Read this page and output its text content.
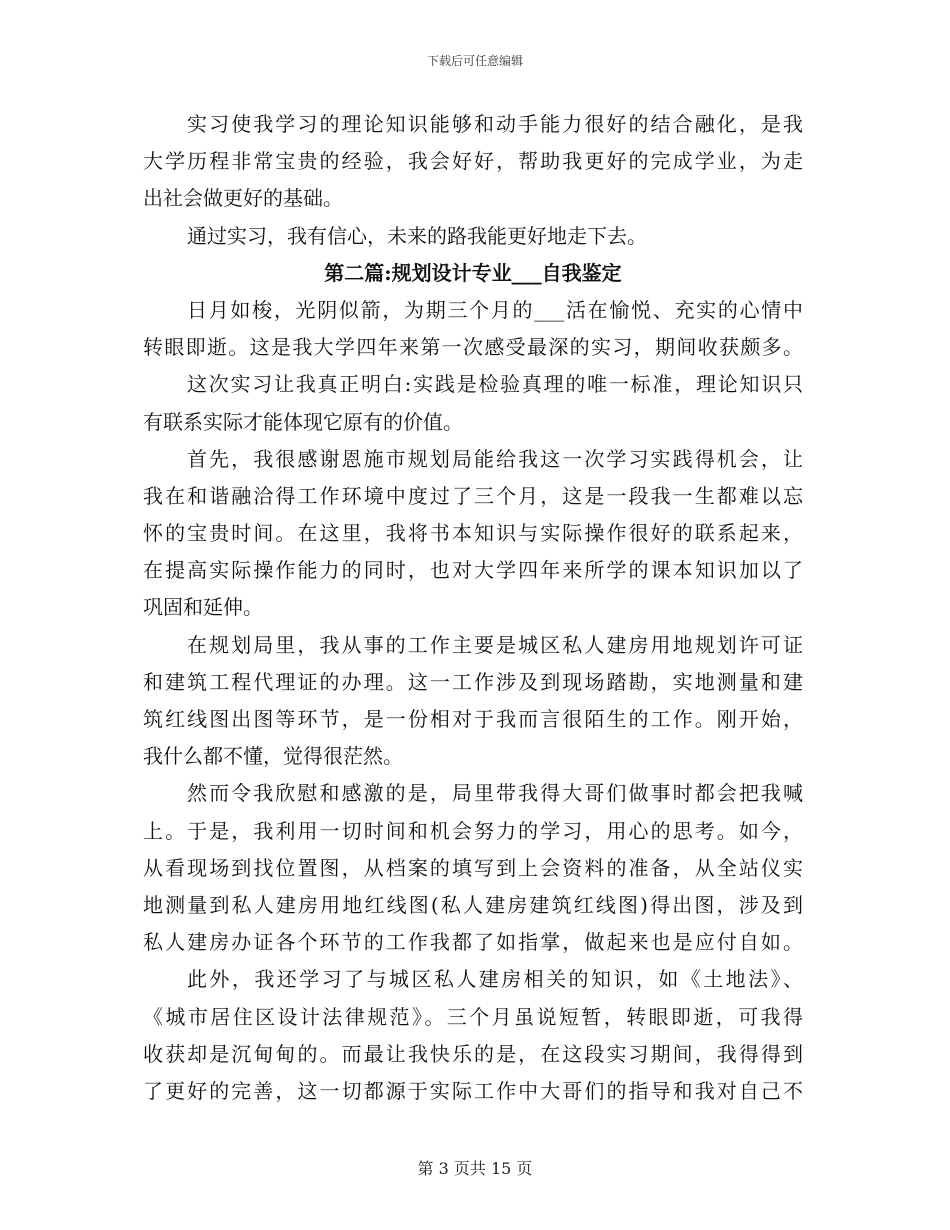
下载后可任意编辑
实习使我学习的理论知识能够和动手能力很好的结合融化，是我
大学历程非常宝贵的经验，我会好好，帮助我更好的完成学业，为走
出社会做更好的基础。
通过实习，我有信心，未来的路我能更好地走下去。
第二篇:规划设计专业___自我鉴定
日月如梭，光阴似箭，为期三个月的___活在愉悦、充实的心情中
转眼即逝。这是我大学四年来第一次感受最深的实习，期间收获颇多。
这次实习让我真正明白:实践是检验真理的唯一标准，理论知识只
有联系实际才能体现它原有的价值。
首先，我很感谢恩施市规划局能给我这一次学习实践得机会，让
我在和谐融洽得工作环境中度过了三个月，这是一段我一生都难以忘
怀的宝贵时间。在这里，我将书本知识与实际操作很好的联系起来，
在提高实际操作能力的同时，也对大学四年来所学的课本知识加以了
巩固和延伸。
在规划局里，我从事的工作主要是城区私人建房用地规划许可证
和建筑工程代理证的办理。这一工作涉及到现场踏勘，实地测量和建
筑红线图出图等环节，是一份相对于我而言很陌生的工作。刚开始，
我什么都不懂，觉得很茫然。
然而令我欣慰和感激的是，局里带我得大哥们做事时都会把我喊
上。于是，我利用一切时间和机会努力的学习，用心的思考。如今，
从看现场到找位置图，从档案的填写到上会资料的准备，从全站仪实
地测量到私人建房用地红线图(私人建房建筑红线图)得出图，涉及到
私人建房办证各个环节的工作我都了如指掌，做起来也是应付自如。
此外，我还学习了与城区私人建房相关的知识，如《土地法》、
《城市居住区设计法律规范》。三个月虽说短暂，转眼即逝，可我得
收获却是沉甸甸的。而最让我快乐的是，在这段实习期间，我得得到
了更好的完善，这一切都源于实际工作中大哥们的指导和我对自己不
第 3 页共 15 页
